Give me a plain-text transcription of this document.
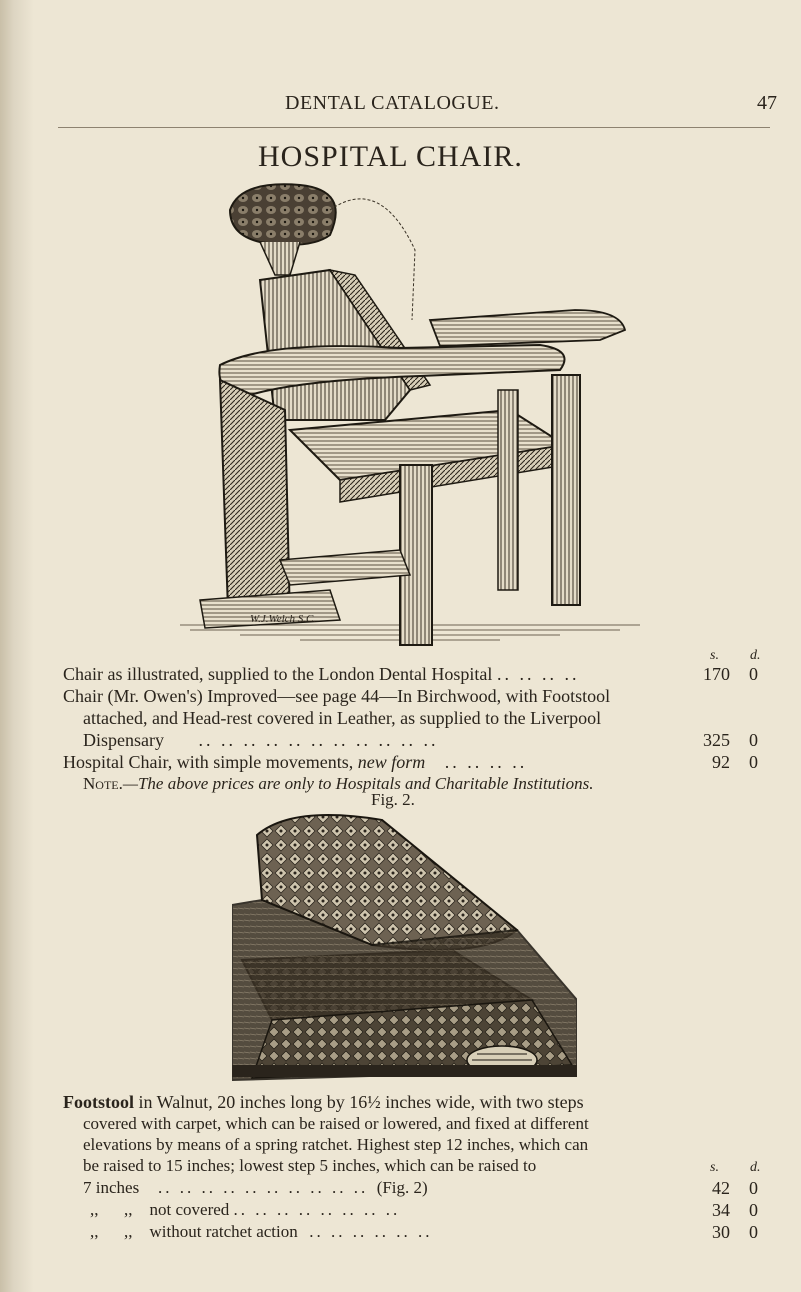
DENTAL CATALOGUE.	47
HOSPITAL CHAIR.
W.J.Welch S.C.
s. d.
Chair as illustrated, supplied to the London Dental Hospital .. .. .. ..	170	0
Chair (Mr. Owen's) Improved—see page 44—In Birchwood, with Footstool
attached, and Head-rest covered in Leather, as supplied to the Liverpool
Dispensary     .. .. .. .. .. .. .. .. .. .. ..	325	0
Hospital Chair, with simple movements, new form   .. .. .. ..	92	0
Note.—The above prices are only to Hospitals and Charitable Institutions.
Fig. 2.
Footstool in Walnut, 20 inches long by 16½ inches wide, with two steps
covered with carpet, which can be raised or lowered, and fixed at different
elevations by means of a spring ratchet. Highest step 12 inches, which can
be raised to 15 inches; lowest step 5 inches, which can be raised to	s. d.
7 inches   .. .. .. .. .. .. .. .. .. .. (Fig. 2)	42	0
,, ,, not covered .. .. .. .. .. .. .. ..	34	0
,, ,, without ratchet action  .. .. .. .. .. ..	30	0
